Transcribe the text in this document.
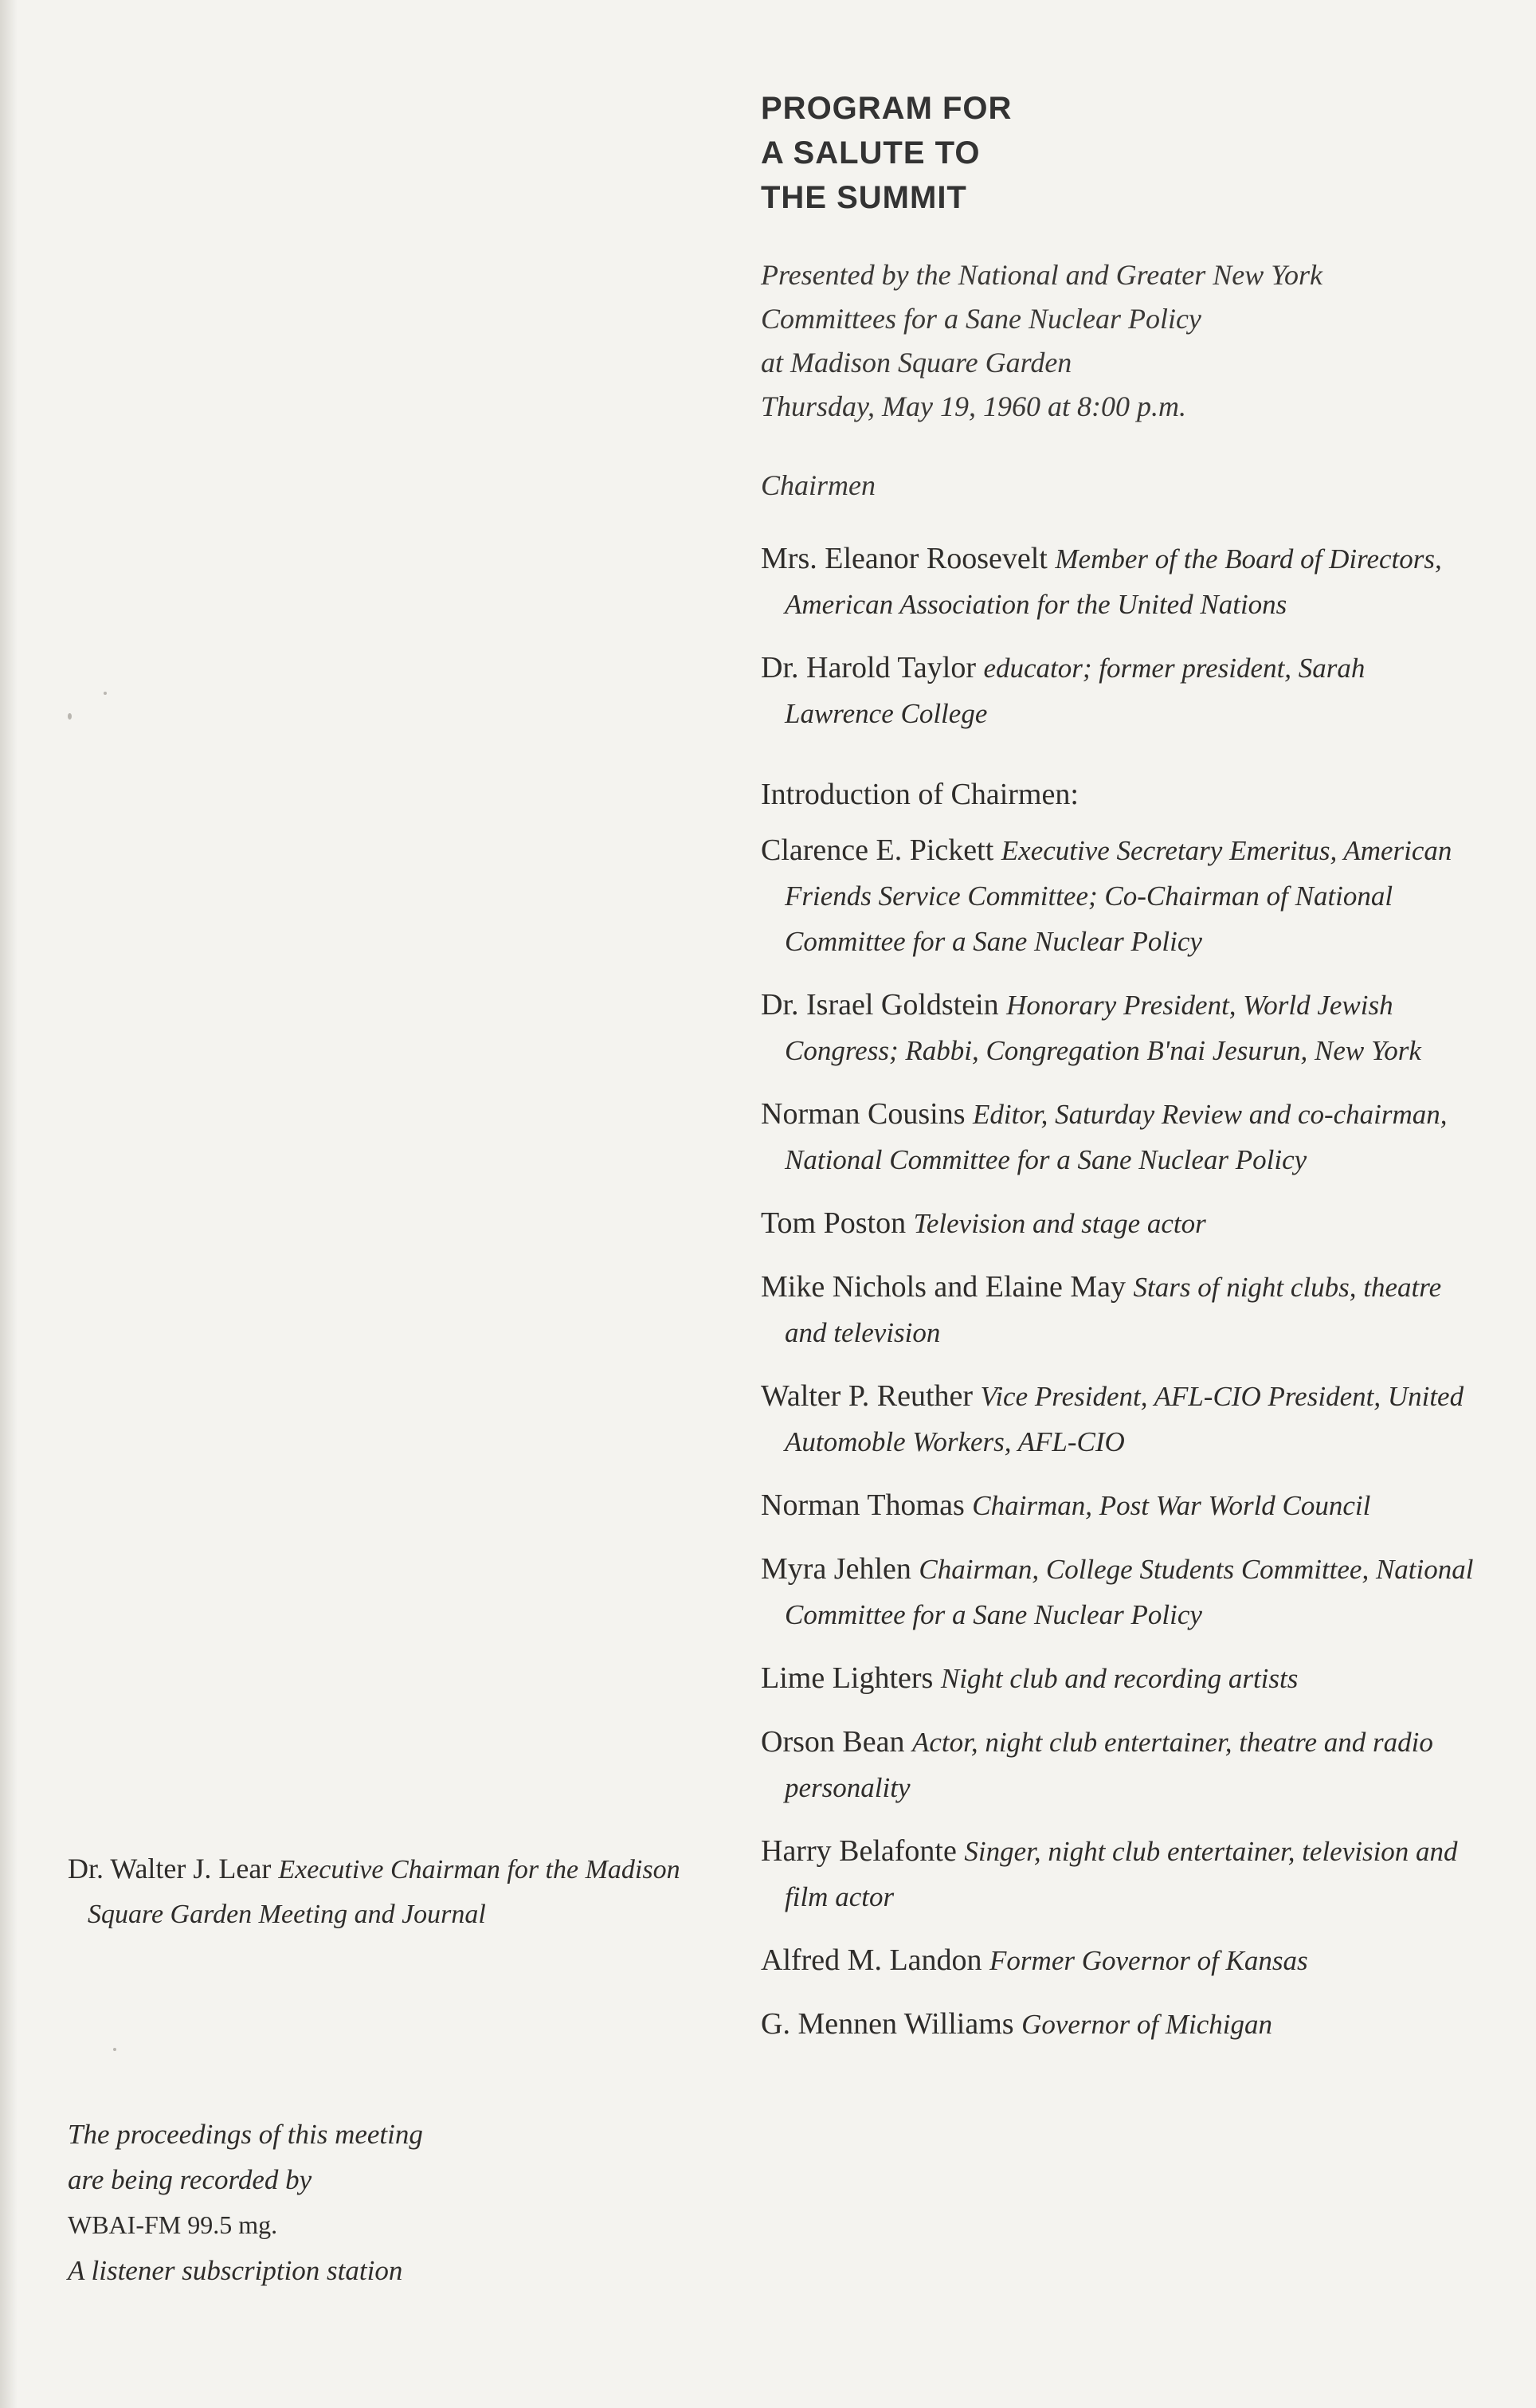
PROGRAM FOR
A SALUTE TO
THE SUMMIT
Presented by the National and Greater New York
Committees for a Sane Nuclear Policy
at Madison Square Garden
Thursday, May 19, 1960 at 8:00 p.m.
Chairmen
Mrs. Eleanor Roosevelt Member of the Board of Directors, American Association for the United Nations
Dr. Harold Taylor educator; former president, Sarah Lawrence College
Introduction of Chairmen:
Clarence E. Pickett Executive Secretary Emeritus, American Friends Service Committee; Co-Chairman of National Committee for a Sane Nuclear Policy
Dr. Israel Goldstein Honorary President, World Jewish Congress; Rabbi, Congregation B'nai Jesurun, New York
Norman Cousins Editor, Saturday Review and co-chairman, National Committee for a Sane Nuclear Policy
Tom Poston Television and stage actor
Mike Nichols and Elaine May Stars of night clubs, theatre and television
Walter P. Reuther Vice President, AFL-CIO President, United Automoble Workers, AFL-CIO
Norman Thomas Chairman, Post War World Council
Myra Jehlen Chairman, College Students Committee, National Committee for a Sane Nuclear Policy
Lime Lighters Night club and recording artists
Orson Bean Actor, night club entertainer, theatre and radio personality
Harry Belafonte Singer, night club entertainer, television and film actor
Alfred M. Landon Former Governor of Kansas
G. Mennen Williams Governor of Michigan
Dr. Walter J. Lear Executive Chairman for the Madison Square Garden Meeting and Journal
The proceedings of this meeting
are being recorded by
WBAI-FM 99.5 mg.
A listener subscription station
